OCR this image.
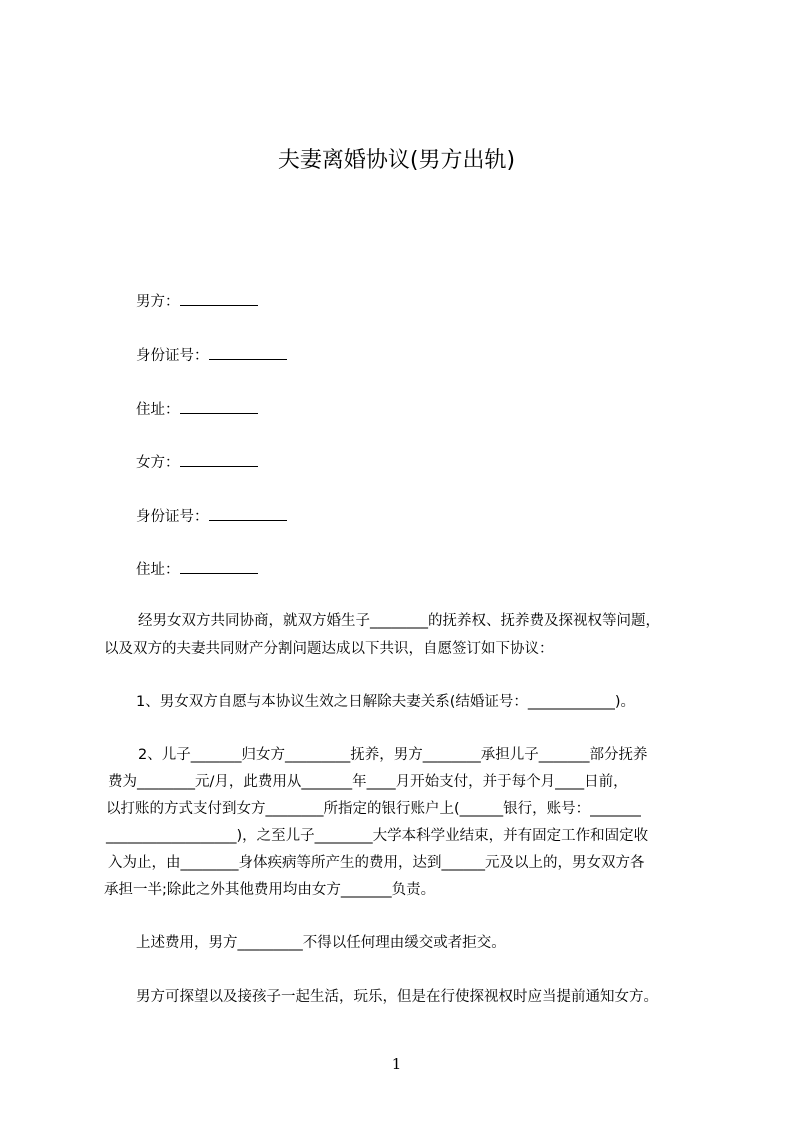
夫妻离婚协议(男方出轨)
男方：
身份证号：
住址：
女方：
身份证号：
住址：
经男女双方共同协商，就双方婚生子________的抚养权、抚养费及探视权等问题，
以及双方的夫妻共同财产分割问题达成以下共识，自愿签订如下协议：
1、男女双方自愿与本协议生效之日解除夫妻关系(结婚证号：____________)。
2、儿子_______归女方_________抚养，男方________承担儿子_______部分抚养
费为________元/月，此费用从_______年____月开始支付，并于每个月____日前，
以打账的方式支付到女方________所指定的银行账户上(______银行，账号：_______
__________________)，之至儿子________大学本科学业结束，并有固定工作和固定收
入为止，由________身体疾病等所产生的费用，达到______元及以上的，男女双方各
承担一半;除此之外其他费用均由女方_______负责。
上述费用，男方_________不得以任何理由缓交或者拒交。
男方可探望以及接孩子一起生活，玩乐，但是在行使探视权时应当提前通知女方。
1
